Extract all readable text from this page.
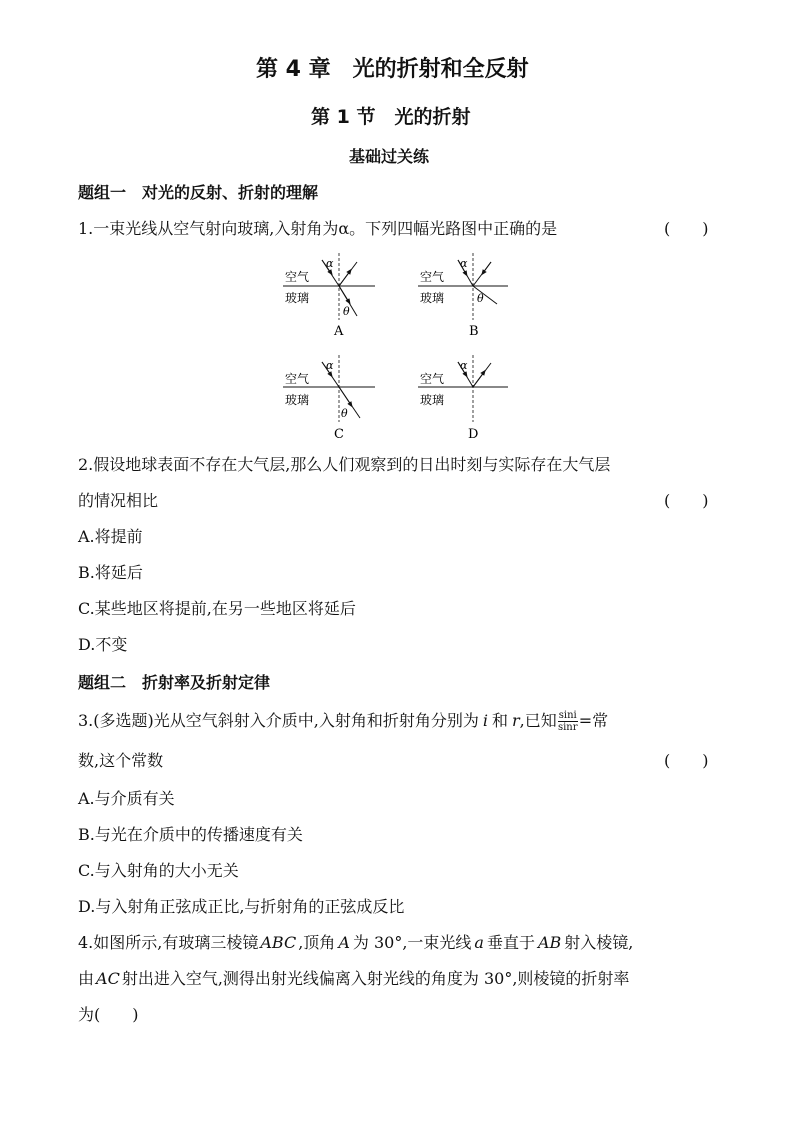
第 4 章　光的折射和全反射
第 1 节　光的折射
基础过关练
题组一　对光的反射、折射的理解
1.一束光线从空气射向玻璃,入射角为α。下列四幅光路图中正确的是	(　　)
空气
玻璃
α
θ
A
空气
玻璃
α
θ
B
空气
玻璃
α
θ
C
空气
玻璃
α
D
2.假设地球表面不存在大气层,那么人们观察到的日出时刻与实际存在大气层
的情况相比	(　　)
A.将提前
B.将延后
C.某些地区将提前,在另一些地区将延后
D.不变
题组二　折射率及折射定律
3.(多选题)光从空气斜射入介质中,入射角和折射角分别为 i 和 r,已知 $\frac{\sin i}{\sin r}$ =常
数,这个常数	(　　)
A.与介质有关
B.与光在介质中的传播速度有关
C.与入射角的大小无关
D.与入射角正弦成正比,与折射角的正弦成反比
4.如图所示,有玻璃三棱镜 ABC ,顶角 A 为 30°,一束光线 a 垂直于 AB 射入棱镜,
由 AC 射出进入空气,测得出射光线偏离入射光线的角度为 30°,则棱镜的折射率
为(　　)
